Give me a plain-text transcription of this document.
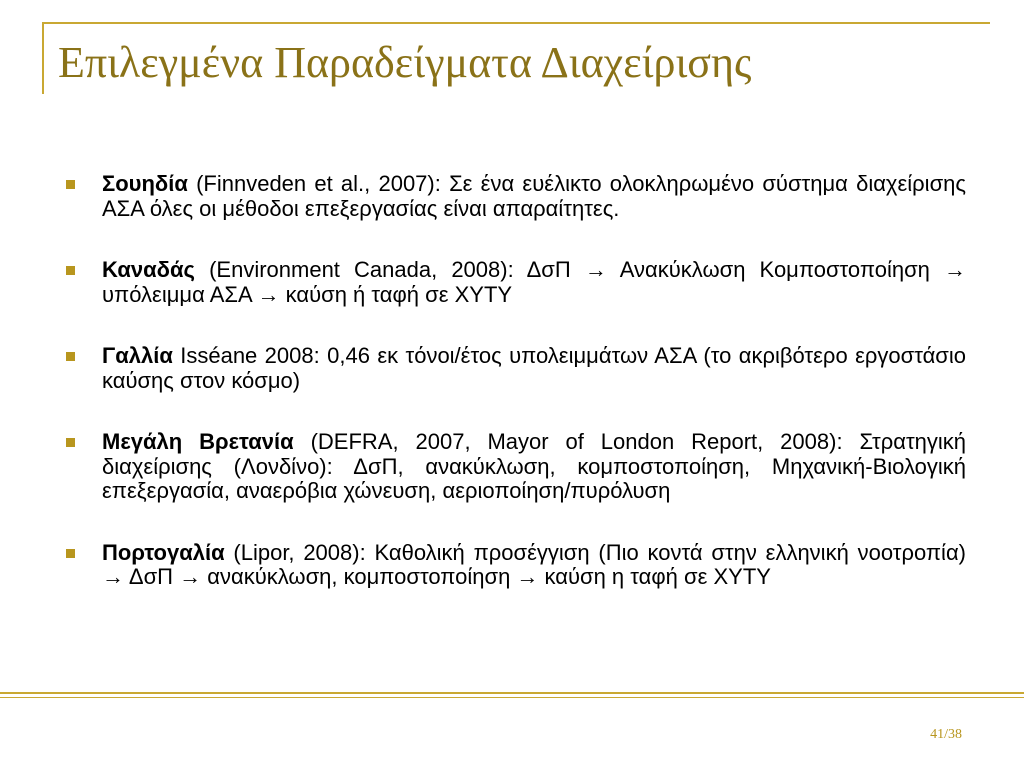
Επιλεγμένα Παραδείγματα Διαχείρισης
Σουηδία (Finnveden et al., 2007): Σε ένα ευέλικτο ολοκληρωμένο σύστημα διαχείρισης ΑΣΑ όλες οι μέθοδοι επεξεργασίας είναι απαραίτητες.
Καναδάς (Environment Canada, 2008): ΔσΠ → Ανακύκλωση Κομποστοποίηση → υπόλειμμα ΑΣΑ → καύση ή ταφή σε ΧΥΤΥ
Γαλλία Isséane 2008: 0,46 εκ τόνοι/έτος υπολειμμάτων ΑΣΑ (το ακριβότερο εργοστάσιο καύσης στον κόσμο)
Μεγάλη Βρετανία (DEFRA, 2007, Mayor of London Report, 2008): Στρατηγική διαχείρισης (Λονδίνο): ΔσΠ, ανακύκλωση, κομποστοποίηση, Μηχανική-Βιολογική επεξεργασία, αναερόβια χώνευση, αεριοποίηση/πυρόλυση
Πορτογαλία (Lipor, 2008): Καθολική προσέγγιση (Πιο κοντά στην ελληνική νοοτροπία) → ΔσΠ → ανακύκλωση, κομποστοποίηση → καύση η ταφή σε ΧΥΤΥ
41/38
